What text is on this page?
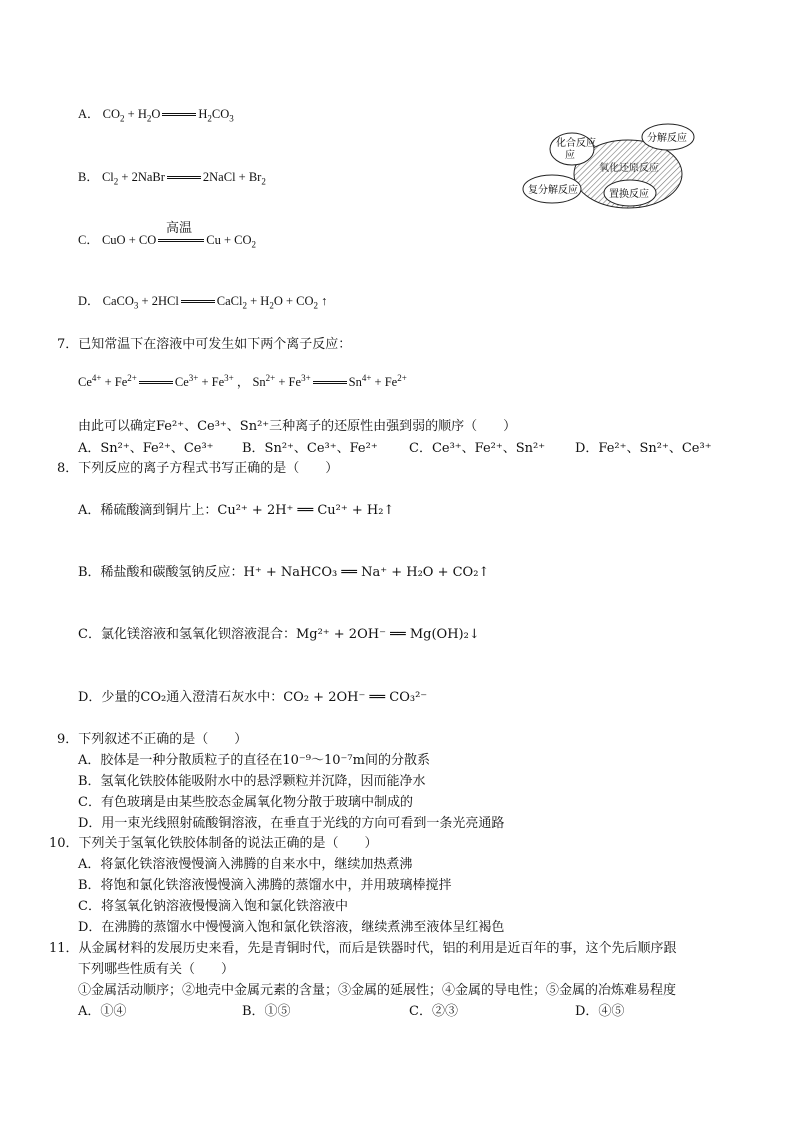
A． $CO_2 + H_2O$	$H_2CO_3$
B． $Cl_2$ + 2NaBr	2NaCl + $Br_2$
高温
C． CuO + CO	$Cu + CO_2$
D． CaCO$_3$ + 2HCl	CaCl$_2$ + $H_2O + CO_2$ ↑
化合反应
应
分解反应
氧化还原反应
复分解反应	置换反应
7．已知常温下在溶液中可发生如下两个离子反应：
$Ce^{4+} + Fe^{2+}$	$Ce^{3+} + Fe^{3+}$ ， $Sn^{2+} + Fe^{3+}$	$Sn^{4+} + Fe^{2+}$
由此可以确定Fe²⁺、Ce³⁺、Sn²⁺三种离子的还原性由强到弱的顺序（　　）
A．Sn²⁺、Fe²⁺、Ce³⁺ B．Sn²⁺、Ce³⁺、Fe²⁺ C．Ce³⁺、Fe²⁺、Sn²⁺ D．Fe²⁺、Sn²⁺、Ce³⁺
8．下列反应的离子方程式书写正确的是（　　）
A．稀硫酸滴到铜片上：Cu²⁺ + 2H⁺ ══ Cu²⁺ + H₂↑
B．稀盐酸和碳酸氢钠反应：H⁺ + NaHCO₃ ══ Na⁺ + H₂O + CO₂↑
C．氯化镁溶液和氢氧化钡溶液混合：Mg²⁺ + 2OH⁻ ══ Mg(OH)₂↓
D．少量的CO₂通入澄清石灰水中：CO₂ + 2OH⁻ ══ CO₃²⁻
9．下列叙述不正确的是（　　）
A．胶体是一种分散质粒子的直径在10⁻⁹～10⁻⁷m间的分散系
B．氢氧化铁胶体能吸附水中的悬浮颗粒并沉降，因而能净水
C．有色玻璃是由某些胶态金属氧化物分散于玻璃中制成的
D．用一束光线照射硫酸铜溶液，在垂直于光线的方向可看到一条光亮通路
10．下列关于氢氧化铁胶体制备的说法正确的是（　　）
A．将氯化铁溶液慢慢滴入沸腾的自来水中，继续加热煮沸
B．将饱和氯化铁溶液慢慢滴入沸腾的蒸馏水中，并用玻璃棒搅拌
C．将氢氧化钠溶液慢慢滴入饱和氯化铁溶液中
D．在沸腾的蒸馏水中慢慢滴入饱和氯化铁溶液，继续煮沸至液体呈红褐色
11．从金属材料的发展历史来看，先是青铜时代，而后是铁器时代，铝的利用是近百年的事，这个先后顺序跟
下列哪些性质有关（　　）
①金属活动顺序；②地壳中金属元素的含量；③金属的延展性；④金属的导电性；⑤金属的冶炼难易程度
A．①④	B．①⑤	C．②③	D．④⑤
